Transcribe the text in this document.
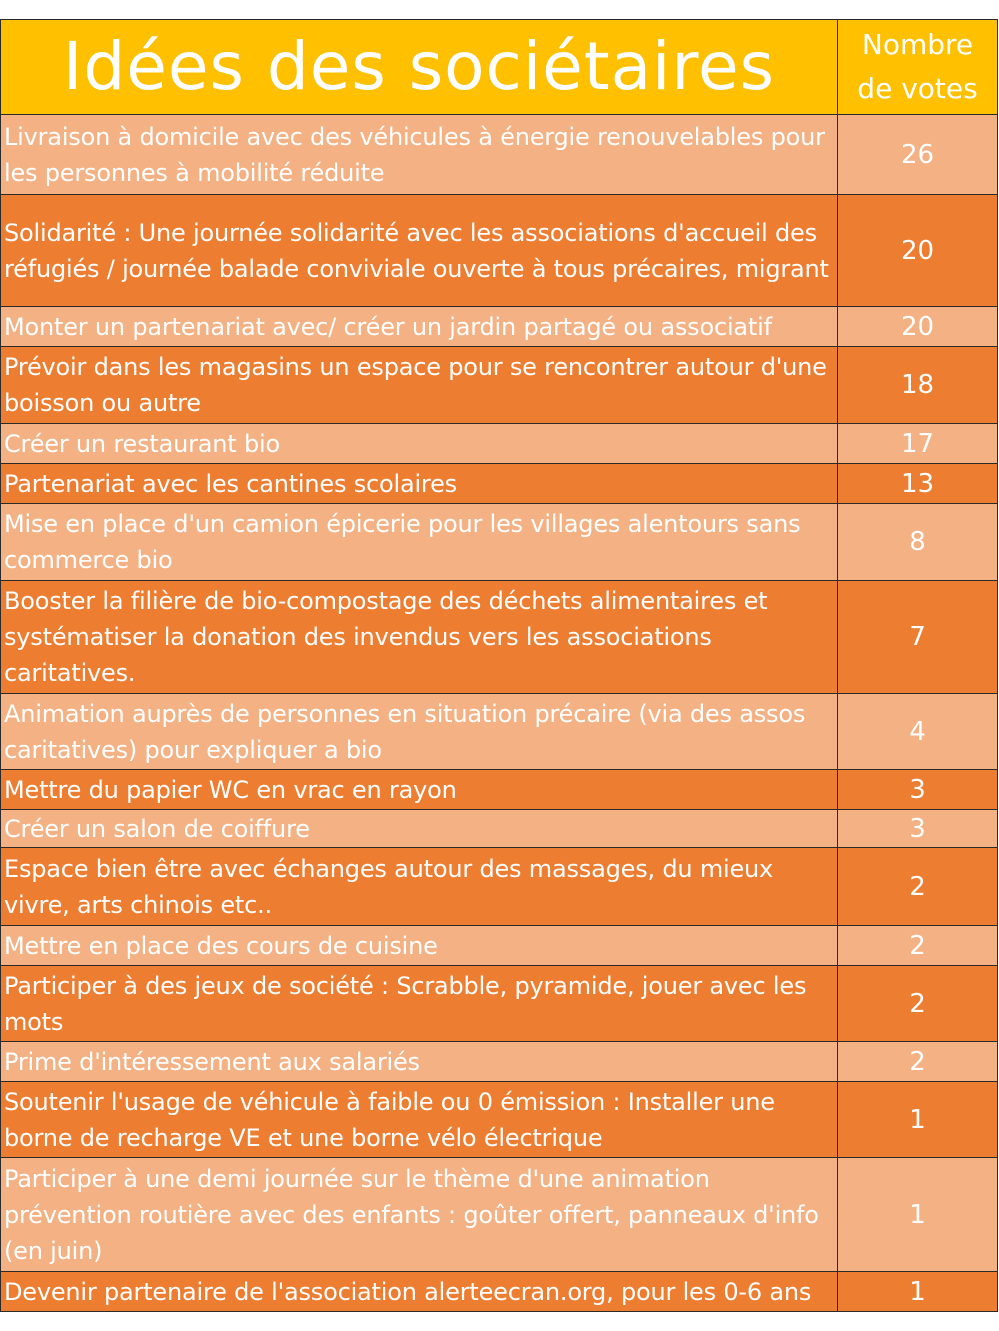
Idées des sociétaires	Nombre
de votes

Livraison à domicile avec des véhicules à énergie renouvelables pour les personnes à mobilité réduite	26
Solidarité : Une journée solidarité avec les associations d'accueil des réfugiés / journée balade conviviale ouverte à tous précaires, migrant	20
Monter un partenariat avec/ créer un jardin partagé ou associatif	20
Prévoir dans les magasins un espace pour se rencontrer autour d'une boisson ou autre	18
Créer un restaurant bio	17
Partenariat avec les cantines scolaires	13
Mise en place d'un camion épicerie pour les villages alentours sans commerce bio	8
Booster la filière de bio-compostage des déchets alimentaires et systématiser la donation des invendus vers les associations caritatives.	7
Animation auprès de personnes en situation précaire (via des assos caritatives) pour expliquer a bio	4
Mettre du papier WC en vrac en rayon	3
Créer un salon de coiffure	3
Espace bien être avec échanges autour des massages, du mieux vivre, arts chinois etc..	2
Mettre en place des cours de cuisine	2
Participer à des jeux de société : Scrabble, pyramide, jouer avec les mots	2
Prime d'intéressement aux salariés	2
Soutenir l'usage de véhicule à faible ou 0 émission : Installer une borne de recharge VE et une borne vélo électrique	1
Participer à une demi journée sur le thème d'une animation prévention routière avec des enfants : goûter offert, panneaux d'info (en juin)	1
Devenir partenaire de l'association alerteecran.org, pour les 0-6 ans	1
